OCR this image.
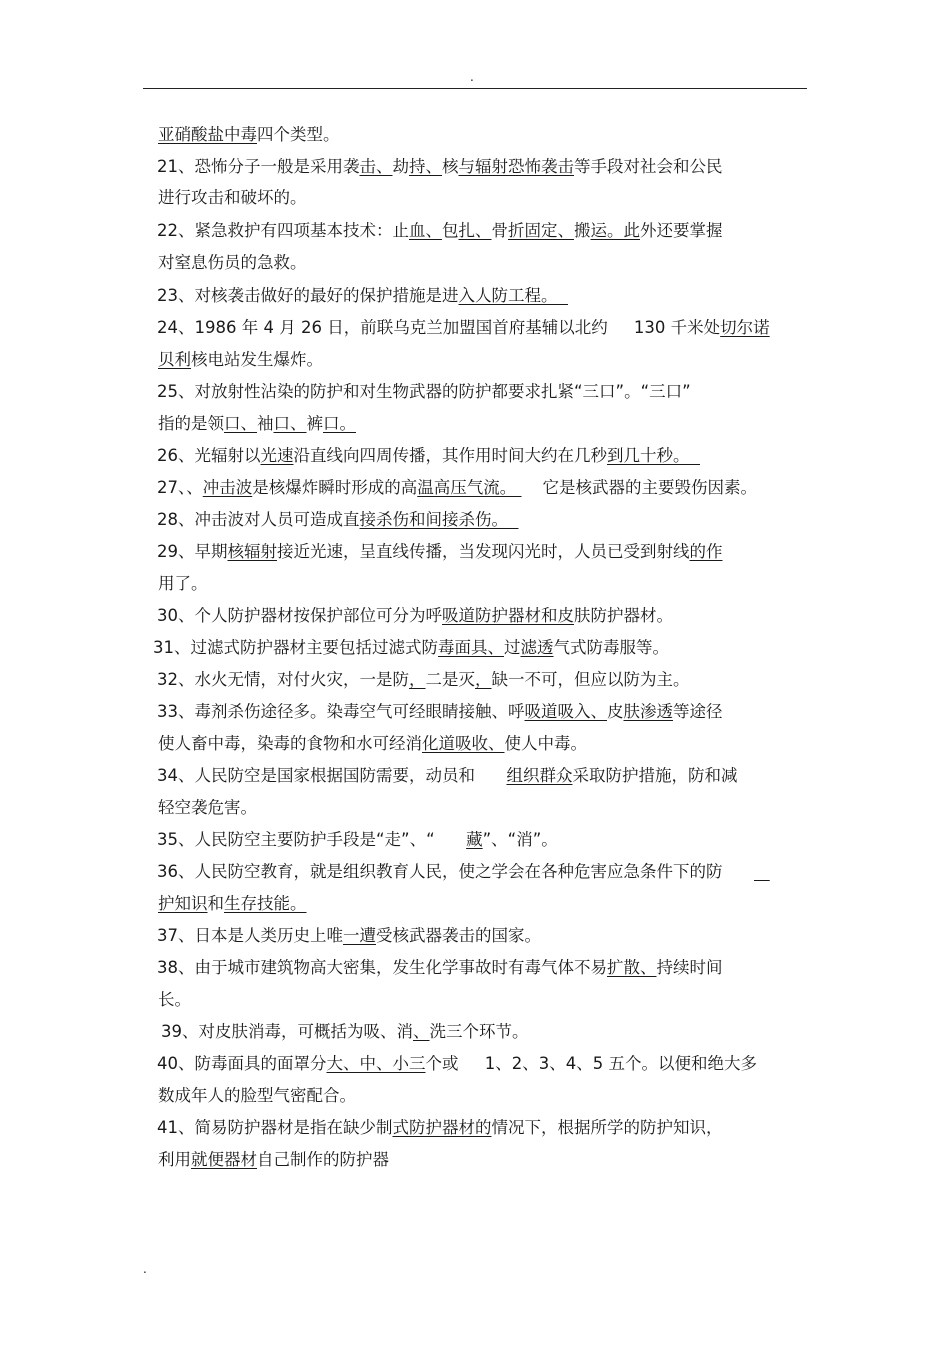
.
亚硝酸盐中毒四个类型。
21、恐怖分子一般是采用袭击、劫持、核与辐射恐怖袭击等手段对社会和公民
进行攻击和破坏的。
22、紧急救护有四项基本技术：止血、包扎、骨折固定、搬运。此外还要掌握
对窒息伤员的急救。
23、对核袭击做好的最好的保护措施是进入人防工程。
24、1986 年 4 月 26 日，前联乌克兰加盟国首府基辅以北约     130 千米处切尔诺
贝利核电站发生爆炸。
25、对放射性沾染的防护和对生物武器的防护都要求扎紧“三口”。“三口”
指的是领口、袖口、裤口。
26、光辐射以光速沿直线向四周传播，其作用时间大约在几秒到几十秒。
27、、冲击波是核爆炸瞬时形成的高温高压气流。     它是核武器的主要毁伤因素。
28、冲击波对人员可造成直接杀伤和间接杀伤。
29、早期核辐射接近光速，呈直线传播，当发现闪光时，人员已受到射线的作
用了。
30、个人防护器材按保护部位可分为呼吸道防护器材和皮肤防护器材。
31、过滤式防护器材主要包括过滤式防毒面具、过滤透气式防毒服等。
32、水火无情，对付火灾，一是防，二是灭，缺一不可，但应以防为主。
33、毒剂杀伤途径多。染毒空气可经眼睛接触、呼吸道吸入、皮肤渗透等途径
使人畜中毒，染毒的食物和水可经消化道吸收、使人中毒。
34、人民防空是国家根据国防需要，动员和      组织群众采取防护措施，防和减
轻空袭危害。
35、人民防空主要防护手段是“走”、“      藏”、“消”。
36、人民防空教育，就是组织教育人民，使之学会在各种危害应急条件下的防
护知识和生存技能。
37、日本是人类历史上唯一遭受核武器袭击的国家。
38、由于城市建筑物高大密集，发生化学事故时有毒气体不易扩散、持续时间
长。
39、对皮肤消毒，可概括为吸、消、洗三个环节。
40、防毒面具的面罩分大、中、小三个或     1、2、3、4、5 五个。以便和绝大多
数成年人的脸型气密配合。
41、简易防护器材是指在缺少制式防护器材的情况下，根据所学的防护知识，
利用就便器材自己制作的防护器
.
